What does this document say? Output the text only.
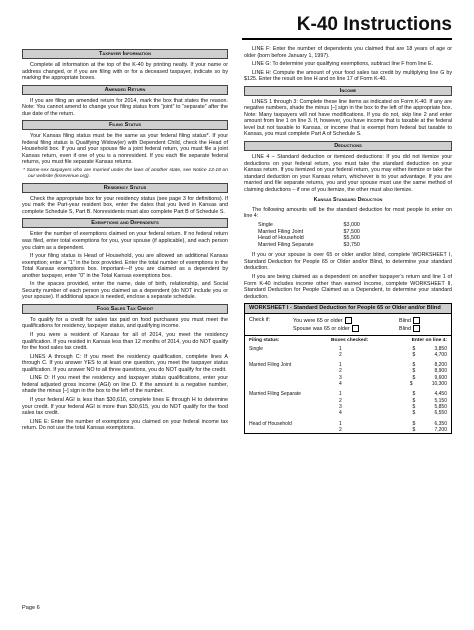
K-40 Instructions
Taxpayer Information

Complete all information at the top of the K-40 by printing neatly. If your name or address changed, or if you are filing with or for a deceased taxpayer, indicate so by marking the appropriate boxes.

Amended Return

If you are filing an amended return for 2014, mark the box that states the reason. Note: You cannot amend to change your filing status from “joint” to “separate” after the due date of the return.

Filing Status

Your Kansas filing status must be the same as your federal filing status*. If your federal filing status is Qualifying Widow(er) with Dependent Child, check the Head of Household box. If you and your spouse file a joint federal return, you must file a joint Kansas return, even if one of you is a nonresident. If you each file separate federal returns, you must file separate Kansas returns.

* Same-sex taxpayers who are married under the laws of another state, see Notice 13-18 on our website (ksrevenue.org).

Residency Status

Check the appropriate box for your residency status (see page 3 for definitions). If you mark the Part-year resident box, enter the dates that you lived in Kansas and complete Schedule S, Part B. Nonresidents must also complete Part B of Schedule S.

Exemptions and Dependents

Enter the number of exemptions claimed on your federal return. If no federal return was filed, enter total exemptions for you, your spouse (if applicable), and each person you claim as a dependent.

If your filing status is Head of Household, you are allowed an additional Kansas exemption; enter a “1” in the box provided. Enter the total number of exemptions in the Total Kansas exemptions box. Important—If you are claimed as a dependent by another taxpayer, enter “0” in the Total Kansas exemptions box.

In the spaces provided, enter the name, date of birth, relationship, and Social Security number of each person you claimed as a dependent (do NOT include you or your spouse). If additional space is needed, enclose a separate schedule.

Food Sales Tax Credit

To qualify for a credit for sales tax paid on food purchases you must meet the qualifications for residency, taxpayer status, and qualifying income.

If you were a resident of Kansas for all of 2014, you meet the residency qualification. If you resided in Kansas less than 12 months of 2014, you do NOT qualify for the food sales tax credit.

LINES A through C: If you meet the residency qualification, complete lines A through C. If you answer YES to at least one question, you meet the taxpayer status qualification. If you answer NO to all three questions, you do NOT qualify for the credit.

LINE D: If you meet the residency and taxpayer status qualifications, enter your federal adjusted gross income (AGI) on line D. If the amount is a negative number, shade the minus [–] sign in the box to the left of the number.

If your federal AGI is less than $30,616, complete lines E through H to determine your credit. If your federal AGI is more than $30,615, you do NOT qualify for the food sales tax credit.

LINE E: Enter the number of exemptions you claimed on your federal income tax return. Do not use the total Kansas exemptions.

LINE F: Enter the number of dependents you claimed that are 18 years of age or older (born before January 1, 1997).

LINE G: To determine your qualifying exemptions, subtract line F from line E.

LINE H: Compute the amount of your food sales tax credit by multiplying line G by $125. Enter the result on line H and on line 17 of Form K-40.

Income

LINES 1 through 3: Complete these line items as indicated on Form K-40. If any are negative numbers, shade the minus [–] sign in the box to the left of the appropriate box. Note: Many taxpayers will not have modifications. If you do not, skip line 2 and enter amount from line 1 on line 3. If, however, you have income that is taxable at the federal level but not taxable to Kansas, or income that is exempt from federal but taxable to Kansas, you must complete Part A of Schedule S.

Deductions

LINE 4 – Standard deduction or itemized deductions: If you did not itemize your deductions on your federal return, you must take the standard deduction on your Kansas return. If you itemized on your federal return, you may either itemize or take the standard deduction on your Kansas return, whichever is to your advantage. If you are married and file separate returns, you and your spouse must use the same method of claiming deductions – if one of you itemize, the other must also itemize.

Kansas Standard Deduction

The following amounts will be the standard deduction for most people to enter on line 4:

Single	$3,000
Married Filing Joint	$7,500
Head of Household	$5,500
Married Filing Separate	$3,750

If you or your spouse is over 65 or older and/or blind, complete WORKSHEET I, Standard Deduction for People 65 or Older and/or Blind, to determine your standard deduction.

If you are being claimed as a dependent on another taxpayer’s return and line 1 of Form K-40 includes income other than earned income, complete WORKSHEET II, Standard Deduction for People Claimed as a Dependent, to determine your standard deduction.

WORKSHEET I - Standard Deduction for People 65 or Older and/or Blind
Check if:	You were 65 or older
Spouse was 65 or older
Blind
Blind
Filing status:	Boxes checked:	Enter on line 4:
Single	1	$	3,850
2	$	4,700
Married Filing Joint	1	$	8,200
2	$	8,900
3	$	9,600
4	$	10,300
Married Filing Separate	1	$	4,450
2	$	5,150
3	$	5,850
4	$	6,550
Head of Household	1	$	6,350
2	$	7,200
Page 6
